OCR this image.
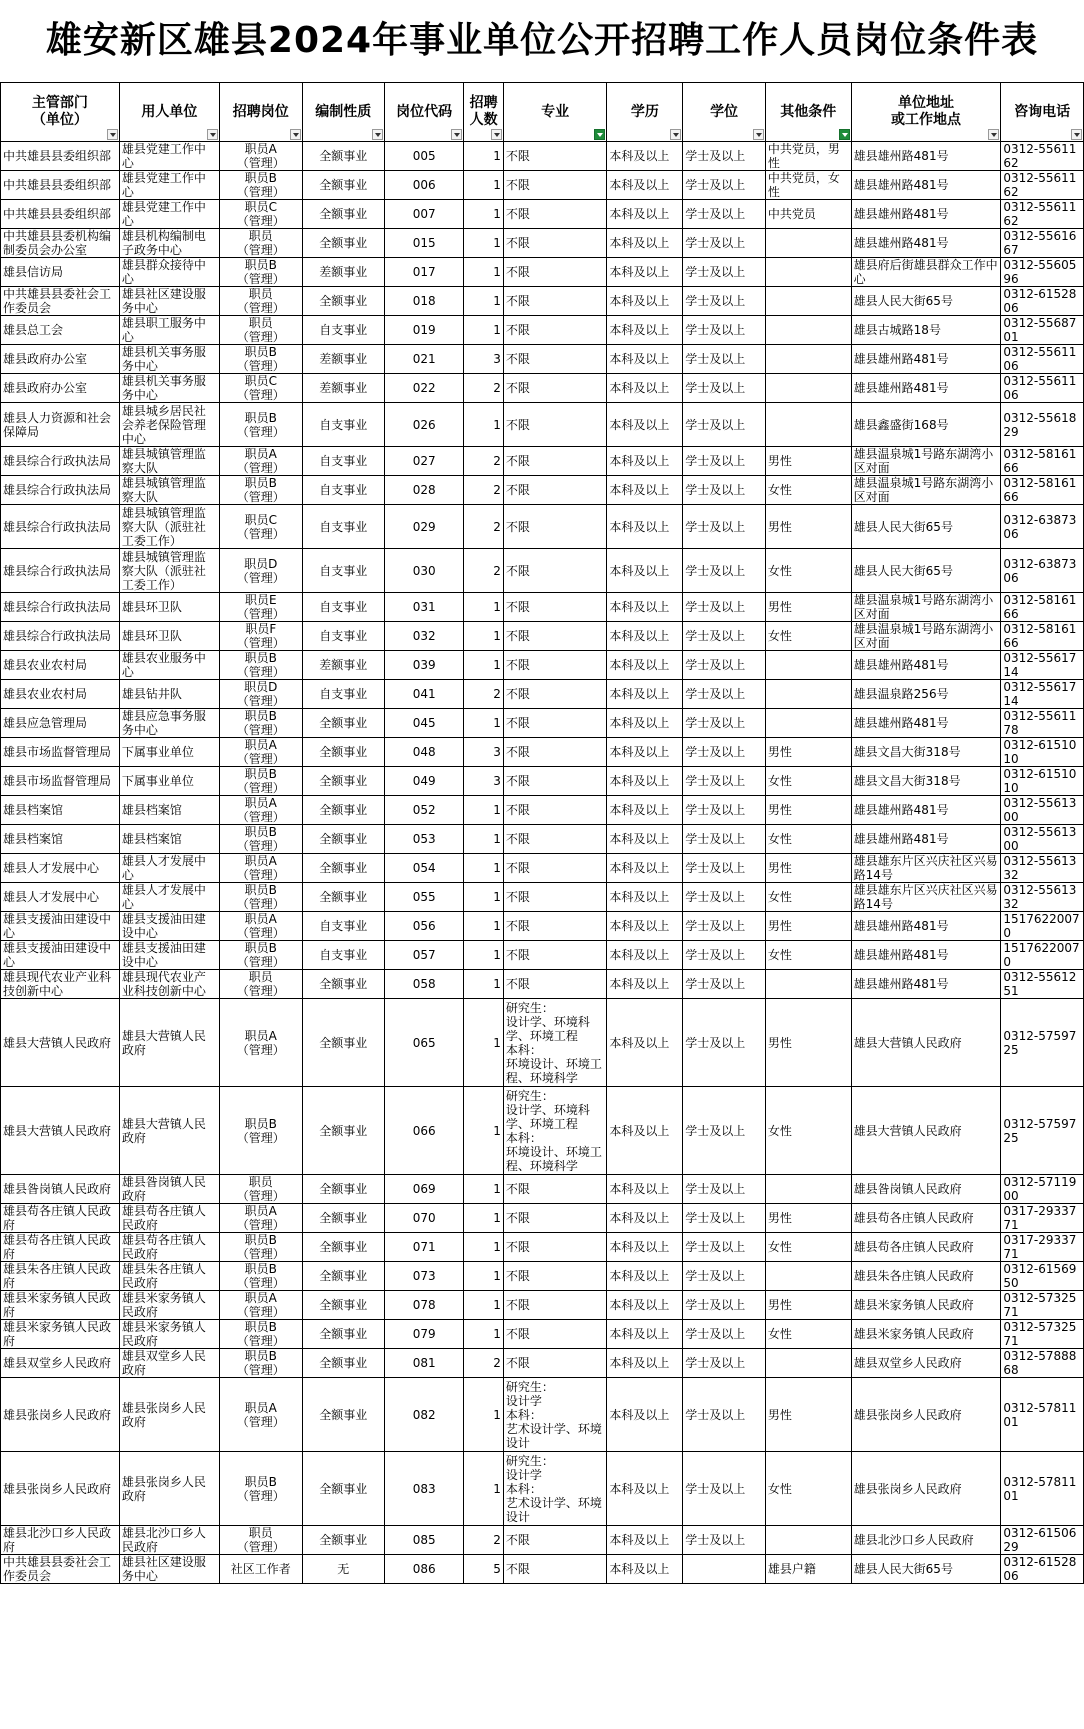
雄安新区雄县2024年事业单位公开招聘工作人员岗位条件表
主管部门
（单位）	用人单位	招聘岗位	编制性质	岗位代码	招聘
人数	专业	学历	学位	其他条件	单位地址
或工作地点	咨询电话

中共雄县县委组织部	雄县党建工作中心	职员A
（管理）	全额事业	005	1	不限	本科及以上	学士及以上	中共党员，男性	雄县雄州路481号	0312-5561162
中共雄县县委组织部	雄县党建工作中心	职员B
（管理）	全额事业	006	1	不限	本科及以上	学士及以上	中共党员，女性	雄县雄州路481号	0312-5561162
中共雄县县委组织部	雄县党建工作中心	职员C
（管理）	全额事业	007	1	不限	本科及以上	学士及以上	中共党员	雄县雄州路481号	0312-5561162
中共雄县县委机构编制委员会办公室	雄县机构编制电子政务中心	职员
（管理）	全额事业	015	1	不限	本科及以上	学士及以上		雄县雄州路481号	0312-5561667
雄县信访局	雄县群众接待中心	职员B
（管理）	差额事业	017	1	不限	本科及以上	学士及以上		雄县府后街雄县群众工作中心	0312-5560596
中共雄县县委社会工作委员会	雄县社区建设服务中心	职员
（管理）	全额事业	018	1	不限	本科及以上	学士及以上		雄县人民大街65号	0312-6152806
雄县总工会	雄县职工服务中心	职员
（管理）	自支事业	019	1	不限	本科及以上	学士及以上		雄县古城路18号	0312-5568701
雄县政府办公室	雄县机关事务服务中心	职员B
（管理）	差额事业	021	3	不限	本科及以上	学士及以上		雄县雄州路481号	0312-5561106
雄县政府办公室	雄县机关事务服务中心	职员C
（管理）	差额事业	022	2	不限	本科及以上	学士及以上		雄县雄州路481号	0312-5561106
雄县人力资源和社会保障局	雄县城乡居民社会养老保险管理中心	职员B
（管理）	自支事业	026	1	不限	本科及以上	学士及以上		雄县鑫盛街168号	0312-5561829
雄县综合行政执法局	雄县城镇管理监察大队	职员A
（管理）	自支事业	027	2	不限	本科及以上	学士及以上	男性	雄县温泉城1号路东湖湾小区对面	0312-5816166
雄县综合行政执法局	雄县城镇管理监察大队	职员B
（管理）	自支事业	028	2	不限	本科及以上	学士及以上	女性	雄县温泉城1号路东湖湾小区对面	0312-5816166
雄县综合行政执法局	雄县城镇管理监察大队（派驻社工委工作）	职员C
（管理）	自支事业	029	2	不限	本科及以上	学士及以上	男性	雄县人民大街65号	0312-6387306
雄县综合行政执法局	雄县城镇管理监察大队（派驻社工委工作）	职员D
（管理）	自支事业	030	2	不限	本科及以上	学士及以上	女性	雄县人民大街65号	0312-6387306
雄县综合行政执法局	雄县环卫队	职员E
（管理）	自支事业	031	1	不限	本科及以上	学士及以上	男性	雄县温泉城1号路东湖湾小区对面	0312-5816166
雄县综合行政执法局	雄县环卫队	职员F
（管理）	自支事业	032	1	不限	本科及以上	学士及以上	女性	雄县温泉城1号路东湖湾小区对面	0312-5816166
雄县农业农村局	雄县农业服务中心	职员B
（管理）	差额事业	039	1	不限	本科及以上	学士及以上		雄县雄州路481号	0312-5561714
雄县农业农村局	雄县钻井队	职员D
（管理）	自支事业	041	2	不限	本科及以上	学士及以上		雄县温泉路256号	0312-5561714
雄县应急管理局	雄县应急事务服务中心	职员B
（管理）	全额事业	045	1	不限	本科及以上	学士及以上		雄县雄州路481号	0312-5561178
雄县市场监督管理局	下属事业单位	职员A
（管理）	全额事业	048	3	不限	本科及以上	学士及以上	男性	雄县文昌大街318号	0312-6151010
雄县市场监督管理局	下属事业单位	职员B
（管理）	全额事业	049	3	不限	本科及以上	学士及以上	女性	雄县文昌大街318号	0312-6151010
雄县档案馆	雄县档案馆	职员A
（管理）	全额事业	052	1	不限	本科及以上	学士及以上	男性	雄县雄州路481号	0312-5561300
雄县档案馆	雄县档案馆	职员B
（管理）	全额事业	053	1	不限	本科及以上	学士及以上	女性	雄县雄州路481号	0312-5561300
雄县人才发展中心	雄县人才发展中心	职员A
（管理）	全额事业	054	1	不限	本科及以上	学士及以上	男性	雄县雄东片区兴庆社区兴易路14号	0312-5561332
雄县人才发展中心	雄县人才发展中心	职员B
（管理）	全额事业	055	1	不限	本科及以上	学士及以上	女性	雄县雄东片区兴庆社区兴易路14号	0312-5561332
雄县支援油田建设中心	雄县支援油田建设中心	职员A
（管理）	自支事业	056	1	不限	本科及以上	学士及以上	男性	雄县雄州路481号	15176220070
雄县支援油田建设中心	雄县支援油田建设中心	职员B
（管理）	自支事业	057	1	不限	本科及以上	学士及以上	女性	雄县雄州路481号	15176220070
雄县现代农业产业科技创新中心	雄县现代农业产业科技创新中心	职员
（管理）	全额事业	058	1	不限	本科及以上	学士及以上		雄县雄州路481号	0312-5561251
雄县大营镇人民政府	雄县大营镇人民政府	职员A
（管理）	全额事业	065	1	研究生：
设计学、环境科学、环境工程
本科：
环境设计、环境工程、环境科学	本科及以上	学士及以上	男性	雄县大营镇人民政府	0312-5759725
雄县大营镇人民政府	雄县大营镇人民政府	职员B
（管理）	全额事业	066	1	研究生：
设计学、环境科学、环境工程
本科：
环境设计、环境工程、环境科学	本科及以上	学士及以上	女性	雄县大营镇人民政府	0312-5759725
雄县昝岗镇人民政府	雄县昝岗镇人民政府	职员
（管理）	全额事业	069	1	不限	本科及以上	学士及以上		雄县昝岗镇人民政府	0312-5711900
雄县苟各庄镇人民政府	雄县苟各庄镇人民政府	职员A
（管理）	全额事业	070	1	不限	本科及以上	学士及以上	男性	雄县苟各庄镇人民政府	0317-2933771
雄县苟各庄镇人民政府	雄县苟各庄镇人民政府	职员B
（管理）	全额事业	071	1	不限	本科及以上	学士及以上	女性	雄县苟各庄镇人民政府	0317-2933771
雄县朱各庄镇人民政府	雄县朱各庄镇人民政府	职员B
（管理）	全额事业	073	1	不限	本科及以上	学士及以上		雄县朱各庄镇人民政府	0312-6156950
雄县米家务镇人民政府	雄县米家务镇人民政府	职员A
（管理）	全额事业	078	1	不限	本科及以上	学士及以上	男性	雄县米家务镇人民政府	0312-5732571
雄县米家务镇人民政府	雄县米家务镇人民政府	职员B
（管理）	全额事业	079	1	不限	本科及以上	学士及以上	女性	雄县米家务镇人民政府	0312-5732571
雄县双堂乡人民政府	雄县双堂乡人民政府	职员B
（管理）	全额事业	081	2	不限	本科及以上	学士及以上		雄县双堂乡人民政府	0312-5788868
雄县张岗乡人民政府	雄县张岗乡人民政府	职员A
（管理）	全额事业	082	1	研究生：
设计学
本科：
艺术设计学、环境设计	本科及以上	学士及以上	男性	雄县张岗乡人民政府	0312-5781101
雄县张岗乡人民政府	雄县张岗乡人民政府	职员B
（管理）	全额事业	083	1	研究生：
设计学
本科：
艺术设计学、环境设计	本科及以上	学士及以上	女性	雄县张岗乡人民政府	0312-5781101
雄县北沙口乡人民政府	雄县北沙口乡人民政府	职员
（管理）	全额事业	085	2	不限	本科及以上	学士及以上		雄县北沙口乡人民政府	0312-6150629
中共雄县县委社会工作委员会	雄县社区建设服务中心	社区工作者	无	086	5	不限	本科及以上		雄县户籍	雄县人民大街65号	0312-6152806
